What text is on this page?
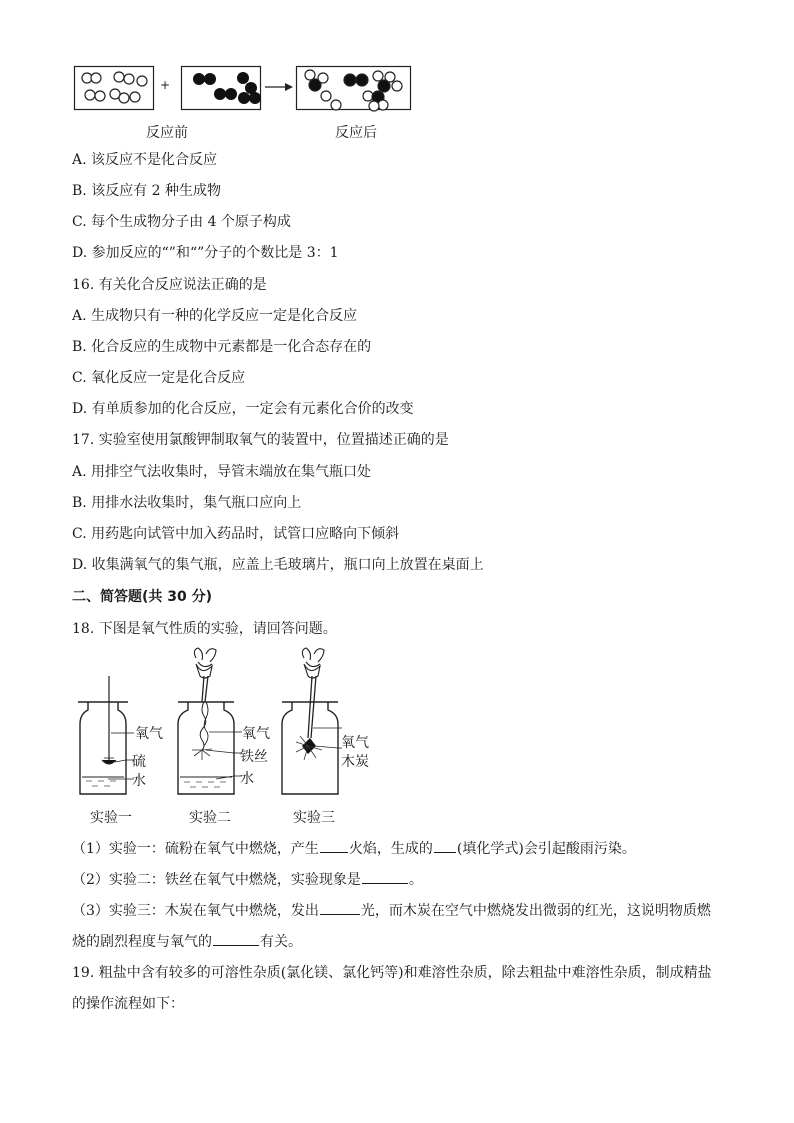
+
反应前	反应后
A. 该反应不是化合反应
B. 该反应有 2 种生成物
C. 每个生成物分子由 4 个原子构成
D. 参加反应的“”和“”分子的个数比是 3：1
16. 有关化合反应说法正确的是
A. 生成物只有一种的化学反应一定是化合反应
B. 化合反应的生成物中元素都是一化合态存在的
C. 氧化反应一定是化合反应
D. 有单质参加的化合反应，一定会有元素化合价的改变
17. 实验室使用氯酸钾制取氧气的装置中，位置描述正确的是
A. 用排空气法收集时，导管末端放在集气瓶口处
B. 用排水法收集时，集气瓶口应向上
C. 用药匙向试管中加入药品时，试管口应略向下倾斜
D. 收集满氧气的集气瓶，应盖上毛玻璃片，瓶口向上放置在桌面上
二、简答题(共 30 分)
18. 下图是氧气性质的实验，请回答问题。
氧气
硫
水
实验一
氧气
铁丝
水
实验二
氧气
木炭
实验三
（1）实验一：硫粉在氧气中燃烧，产生 火焰，生成的 (填化学式)会引起酸雨污染。
（2）实验二：铁丝在氧气中燃烧，实验现象是	。
（3）实验三：木炭在氧气中燃烧，发出	光，而木炭在空气中燃烧发出微弱的红光，这说明物质燃
烧的剧烈程度与氧气的	有关。
19. 粗盐中含有较多的可溶性杂质(氯化镁、氯化钙等)和难溶性杂质，除去粗盐中难溶性杂质，制成精盐
的操作流程如下：
